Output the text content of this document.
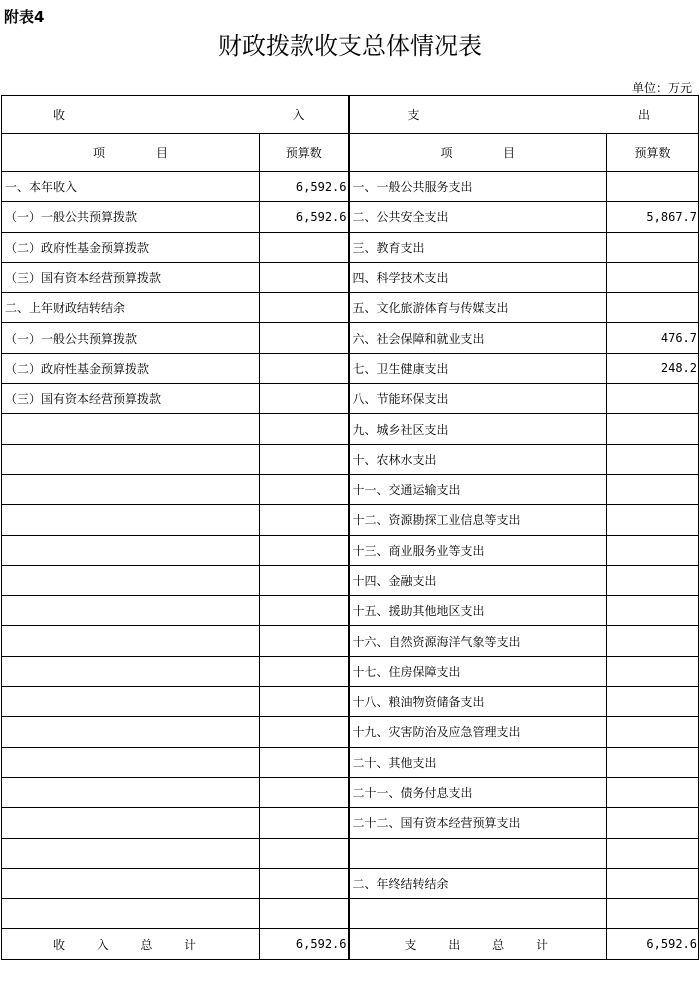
附表4
财政拨款收支总体情况表
单位：万元
收 入		支 出	

项 目	预算数	项 目	预算数
一、本年收入	6,592.6	一、一般公共服务支出	
（一）一般公共预算拨款	6,592.6	二、公共安全支出	5,867.7
（二）政府性基金预算拨款		三、教育支出	
（三）国有资本经营预算拨款		四、科学技术支出	
二、上年财政结转结余		五、文化旅游体育与传媒支出	
（一）一般公共预算拨款		六、社会保障和就业支出	476.7
（二）政府性基金预算拨款		七、卫生健康支出	248.2
（三）国有资本经营预算拨款		八、节能环保支出	
		九、城乡社区支出	
		十、农林水支出	
		十一、交通运输支出	
		十二、资源勘探工业信息等支出	
		十三、商业服务业等支出	
		十四、金融支出	
		十五、援助其他地区支出	
		十六、自然资源海洋气象等支出	
		十七、住房保障支出	
		十八、粮油物资储备支出	
		十九、灾害防治及应急管理支出	
		二十、其他支出	
		二十一、债务付息支出	
		二十二、国有资本经营预算支出	

		二、年终结转结余	

收 入 总 计	6,592.6	支 出 总 计	6,592.6
